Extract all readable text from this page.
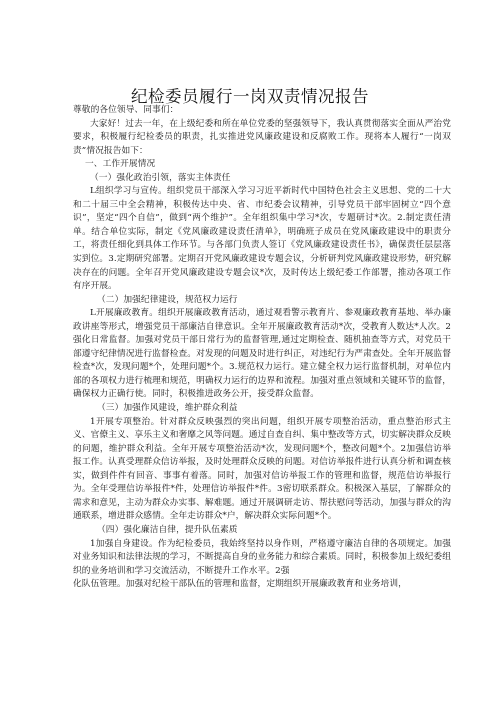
纪检委员履行一岗双责情况报告

尊敬的各位领导、同事们：

大家好！过去一年，在上级纪委和所在单位党委的坚强领导下，我认真贯彻落实全面从严治党要求，积极履行纪检委员的职责，扎实推进党风廉政建设和反腐败工作。现将本人履行“一岗双责”情况报告如下：

一、工作开展情况

（一）强化政治引领，落实主体责任

L组织学习与宣传。组织党员干部深入学习习近平新时代中国特色社会主义思想、党的二十大和二十届三中全会精神，积极传达中央、省、市纪委会议精神，引导党员干部牢固树立“四个意识”，坚定“四个自信”，做到“两个维护”。全年组织集中学习*次，专题研讨*次。2.制定责任清单。结合单位实际，制定《党风廉政建设责任清单》，明确班子成员在党风廉政建设中的职责分工，将责任细化到具体工作环节。与各部门负责人签订《党风廉政建设责任书》，确保责任层层落实到位。3.定期研究部署。定期召开党风廉政建设专题会议，分析研判党风廉政建设形势，研究解决存在的问题。全年召开党风廉政建设专题会议*次，及时传达上级纪委工作部署，推动各项工作有序开展。

（二）加强纪律建设，规范权力运行

L开展廉政教育。组织开展廉政教育活动，通过观看警示教育片、参观廉政教育基地、举办廉政讲座等形式，增强党员干部廉洁自律意识。全年开展廉政教育活动*次，受教育人数达*人次。2强化日常监督。加强对党员干部日常行为的监督管理,通过定期检查、随机抽查等方式，对党员干部遵守纪律情况进行监督检查。对发现的问题及时进行纠正，对违纪行为严肃查处。全年开展监督检查*次，发现问题*个，处理问题*个。3.规范权力运行。建立健全权力运行监督机制，对单位内部的各项权力进行梳理和规范，明确权力运行的边界和流程。加强对重点领域和关键环节的监督，确保权力正确行使。同时，积极推进政务公开，接受群众监督。

（三）加强作风建设，维护群众利益

1开展专项整治。针对群众反映强烈的突出问题，组织开展专项整治活动，重点整治形式主义、官僚主义、享乐主义和奢靡之风等问题。通过自查自纠、集中整改等方式，切实解决群众反映的问题，维护群众利益。全年开展专项整治活动*次，发现问题*个，整改问题*个。2加强信访举报工作。认真受理群众信访举报，及时处理群众反映的问题。对信访举报件进行认真分析和调查核实，做到件件有回音、事事有着落。同时，加强对信访举报工作的管理和监督，规范信访举报行为。全年受理信访举报件*件，处理信访举报件*件。3密切联系群众。积极深入基层，了解群众的需求和意见，主动为群众办实事、解难题。通过开展调研走访、帮扶慰问等活动，加强与群众的沟通联系，增进群众感情。全年走访群众*户，解决群众实际问题*个。

（四）强化廉洁自律，提升队伍素质

1加强自身建设。作为纪检委员，我始终坚持以身作则，严格遵守廉洁自律的各项规定。加强对业务知识和法律法规的学习，不断提高自身的业务能力和综合素质。同时，积极参加上级纪委组织的业务培训和学习交流活动，不断提升工作水平。2强

化队伍管理。加强对纪检干部队伍的管理和监督，定期组织开展廉政教育和业务培训，
